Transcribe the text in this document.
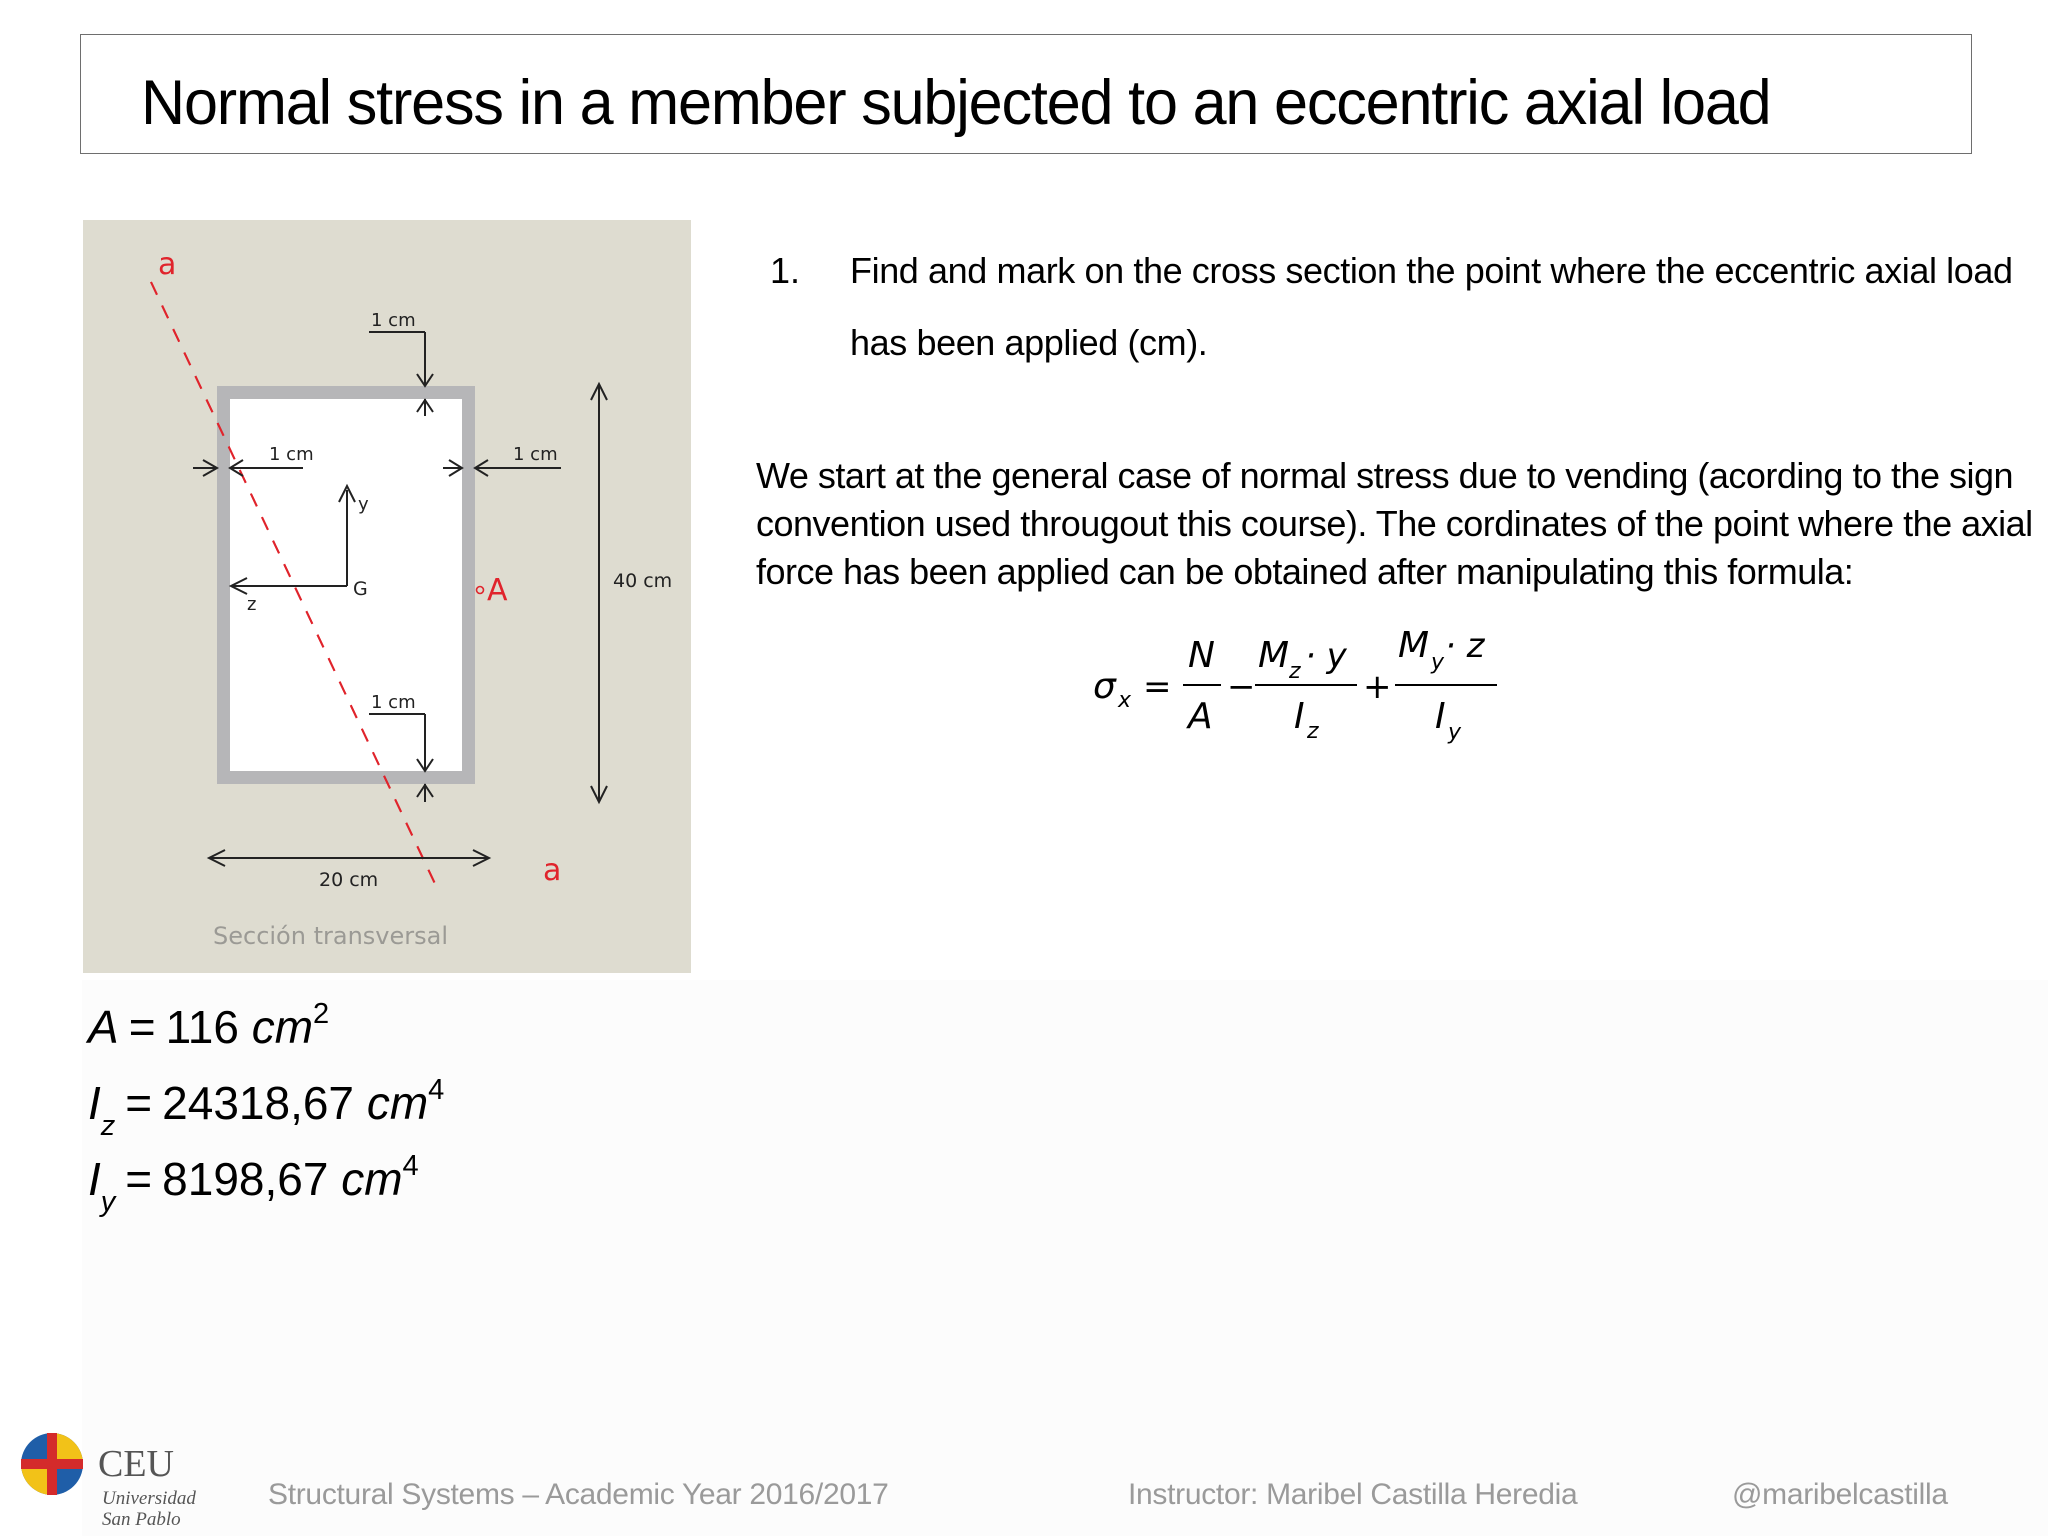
Normal stress in a member subjected to an eccentric axial load
a
a
1 cm
1 cm	1 cm
1 cm
40 cm
20 cm
y
z
G	A
Sección transversal
1. Find and mark on the cross section the point where the eccentric axial load
has been applied (cm).
We start at the general case of normal stress due to vending (acording to the sign
convention used througout this course). The cordinates of the point where the axial
force has been applied can be obtained after manipulating this formula:
σ x =
N
A
−
M z · y
I z
+
M y · z
I y
A = 116 $cm^2$
$I_z = 24318,67$ $cm^4$
$I_y = 8198,67$ $cm^4$
CEU
Universidad
San Pablo
Structural Systems – Academic Year 2016/2017	Instructor: Maribel Castilla Heredia	@maribelcastilla
